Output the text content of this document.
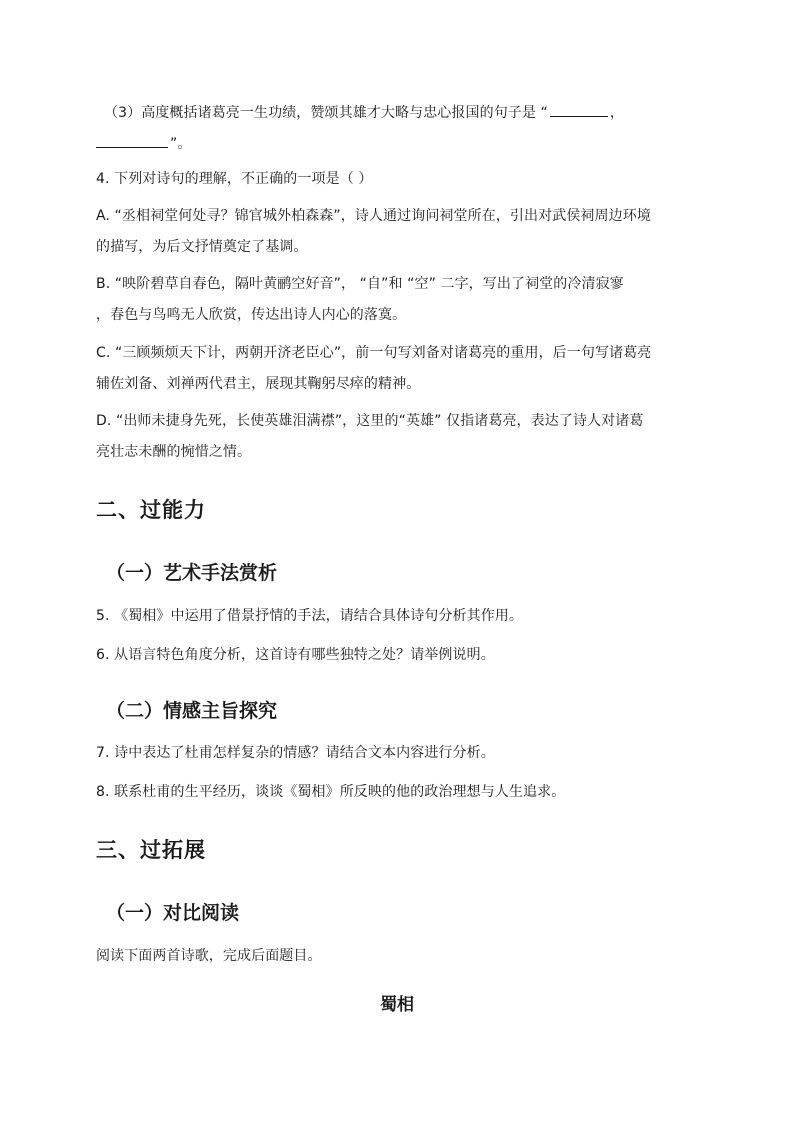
（3）高度概括诸葛亮一生功绩，赞颂其雄才大略与忠心报国的句子是 “	，
”。
4. 下列对诗句的理解，不正确的一项是（ ）
A. “丞相祠堂何处寻？锦官城外柏森森”，诗人通过询问祠堂所在，引出对武侯祠周边环境
的描写，为后文抒情奠定了基调。
B. “映阶碧草自春色，隔叶黄鹂空好音”， “自”和 “空” 二字，写出了祠堂的冷清寂寥
，春色与鸟鸣无人欣赏，传达出诗人内心的落寞。
C. “三顾频烦天下计，两朝开济老臣心”，前一句写刘备对诸葛亮的重用，后一句写诸葛亮
辅佐刘备、刘禅两代君主，展现其鞠躬尽瘁的精神。
D. “出师未捷身先死，长使英雄泪满襟”，这里的“英雄” 仅指诸葛亮，表达了诗人对诸葛
亮壮志未酬的惋惜之情。
二、过能力
（一）艺术手法赏析
5. 《蜀相》中运用了借景抒情的手法，请结合具体诗句分析其作用。
6. 从语言特色角度分析，这首诗有哪些独特之处？请举例说明。
（二）情感主旨探究
7. 诗中表达了杜甫怎样复杂的情感？请结合文本内容进行分析。
8. 联系杜甫的生平经历，谈谈《蜀相》所反映的他的政治理想与人生追求。
三、过拓展
（一）对比阅读
阅读下面两首诗歌，完成后面题目。
蜀相
